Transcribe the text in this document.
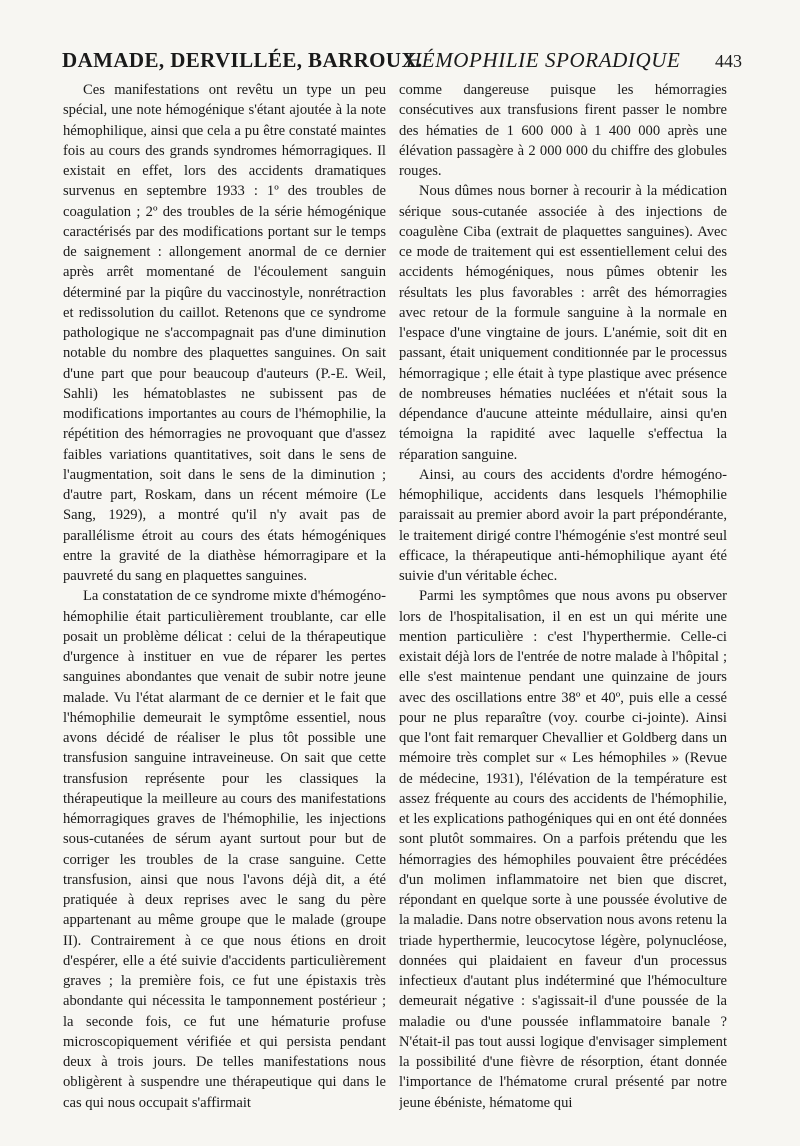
DAMADE, DERVILLÉE, BARROUX.
HÉMOPHILIE SPORADIQUE 443

Ces manifestations ont revêtu un type un peu spécial, une note hémogénique s'étant ajoutée à la note hémophilique, ainsi que cela a pu être constaté maintes fois au cours des grands syndromes hémorragiques. Il existait en effet, lors des accidents dramatiques survenus en septembre 1933 : 1º des troubles de coagulation ; 2º des troubles de la série hémogénique caractérisés par des modifications portant sur le temps de saignement : allongement anormal de ce dernier après arrêt momentané de l'écoulement sanguin déterminé par la piqûre du vaccinostyle, nonrétraction et redissolution du caillot. Retenons que ce syndrome pathologique ne s'accompagnait pas d'une diminution notable du nombre des plaquettes sanguines. On sait d'une part que pour beaucoup d'auteurs (P.-E. Weil, Sahli) les hématoblastes ne subissent pas de modifications importantes au cours de l'hémophilie, la répétition des hémorragies ne provoquant que d'assez faibles variations quantitatives, soit dans le sens de l'augmentation, soit dans le sens de la diminution ; d'autre part, Roskam, dans un récent mémoire (Le Sang, 1929), a montré qu'il n'y avait pas de parallélisme étroit au cours des états hémogéniques entre la gravité de la diathèse hémorragipare et la pauvreté du sang en plaquettes sanguines.

La constatation de ce syndrome mixte d'hémogéno-hémophilie était particulièrement troublante, car elle posait un problème délicat : celui de la thérapeutique d'urgence à instituer en vue de réparer les pertes sanguines abondantes que venait de subir notre jeune malade. Vu l'état alarmant de ce dernier et le fait que l'hémophilie demeurait le symptôme essentiel, nous avons décidé de réaliser le plus tôt possible une transfusion sanguine intraveineuse. On sait que cette transfusion représente pour les classiques la thérapeutique la meilleure au cours des manifestations hémorragiques graves de l'hémophilie, les injections sous-cutanées de sérum ayant surtout pour but de corriger les troubles de la crase sanguine. Cette transfusion, ainsi que nous l'avons déjà dit, a été pratiquée à deux reprises avec le sang du père appartenant au même groupe que le malade (groupe II). Contrairement à ce que nous étions en droit d'espérer, elle a été suivie d'accidents particulièrement graves ; la première fois, ce fut une épistaxis très abondante qui nécessita le tamponnement postérieur ; la seconde fois, ce fut une hématurie profuse microscopiquement vérifiée et qui persista pendant deux à trois jours. De telles manifestations nous obligèrent à suspendre une thérapeutique qui dans le cas qui nous occupait s'affirmait

comme dangereuse puisque les hémorragies consécutives aux transfusions firent passer le nombre des hématies de 1 600 000 à 1 400 000 après une élévation passagère à 2 000 000 du chiffre des globules rouges.

Nous dûmes nous borner à recourir à la médication sérique sous-cutanée associée à des injections de coagulène Ciba (extrait de plaquettes sanguines). Avec ce mode de traitement qui est essentiellement celui des accidents hémogéniques, nous pûmes obtenir les résultats les plus favorables : arrêt des hémorragies avec retour de la formule sanguine à la normale en l'espace d'une vingtaine de jours. L'anémie, soit dit en passant, était uniquement conditionnée par le processus hémorragique ; elle était à type plastique avec présence de nombreuses hématies nucléées et n'était sous la dépendance d'aucune atteinte médullaire, ainsi qu'en témoigna la rapidité avec laquelle s'effectua la réparation sanguine.

Ainsi, au cours des accidents d'ordre hémogéno-hémophilique, accidents dans lesquels l'hémophilie paraissait au premier abord avoir la part prépondérante, le traitement dirigé contre l'hémogénie s'est montré seul efficace, la thérapeutique anti-hémophilique ayant été suivie d'un véritable échec.

Parmi les symptômes que nous avons pu observer lors de l'hospitalisation, il en est un qui mérite une mention particulière : c'est l'hyperthermie. Celle-ci existait déjà lors de l'entrée de notre malade à l'hôpital ; elle s'est maintenue pendant une quinzaine de jours avec des oscillations entre 38º et 40º, puis elle a cessé pour ne plus reparaître (voy. courbe ci-jointe). Ainsi que l'ont fait remarquer Chevallier et Goldberg dans un mémoire très complet sur « Les hémophiles » (Revue de médecine, 1931), l'élévation de la température est assez fréquente au cours des accidents de l'hémophilie, et les explications pathogéniques qui en ont été données sont plutôt sommaires. On a parfois prétendu que les hémorragies des hémophiles pouvaient être précédées d'un molimen inflammatoire net bien que discret, répondant en quelque sorte à une poussée évolutive de la maladie. Dans notre observation nous avons retenu la triade hyperthermie, leucocytose légère, polynucléose, données qui plaidaient en faveur d'un processus infectieux d'autant plus indéterminé que l'hémoculture demeurait négative : s'agissait-il d'une poussée de la maladie ou d'une poussée inflammatoire banale ? N'était-il pas tout aussi logique d'envisager simplement la possibilité d'une fièvre de résorption, étant donnée l'importance de l'hématome crural présenté par notre jeune ébéniste, hématome qui
